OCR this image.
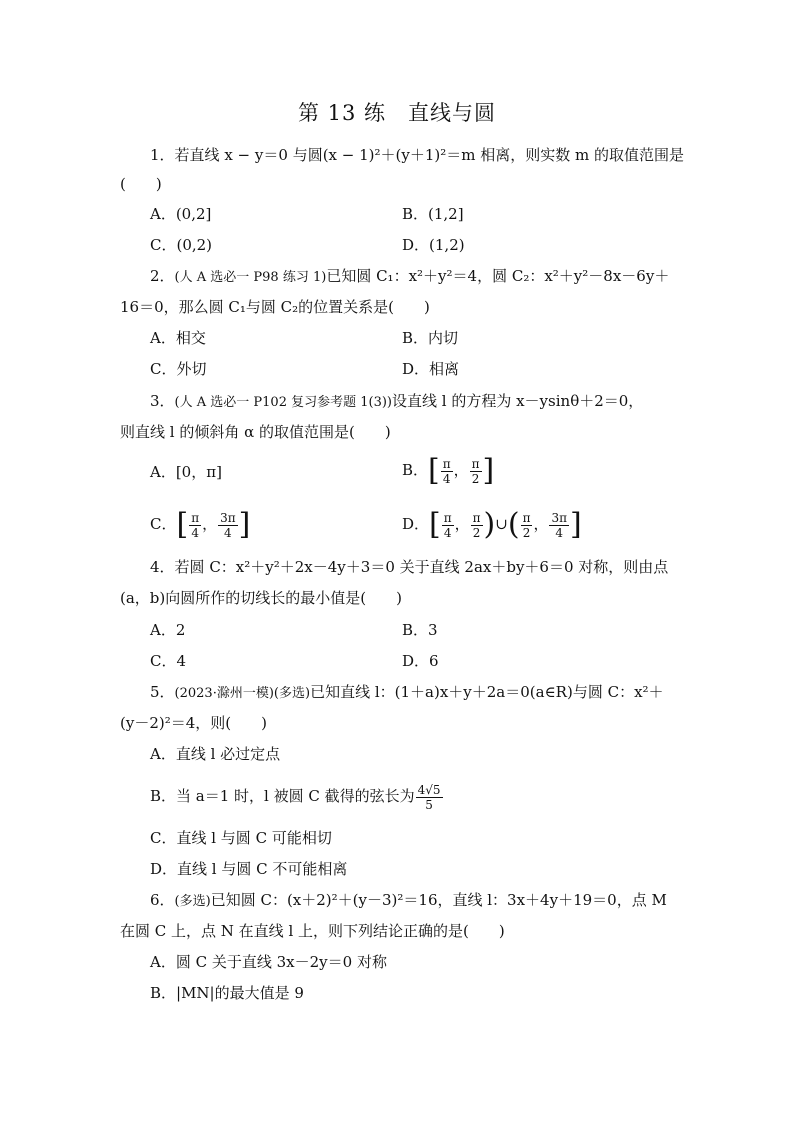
第 13 练　直线与圆
1．若直线 x − y＝0 与圆(x − 1)²＋(y＋1)²＝m 相离，则实数 m 的取值范围是
(　　)
A．(0,2]	B．(1,2]
C．(0,2)	D．(1,2)
2．(人 A 选必一 P98 练习 1)已知圆 C₁：x²＋y²＝4，圆 C₂：x²＋y²－8x－6y＋
16＝0，那么圆 C₁与圆 C₂的位置关系是(　　)
A．相交	B．内切
C．外切	D．相离
3．(人 A 选必一 P102 复习参考题 1(3))设直线 l 的方程为 x－ysinθ＋2＝0，
则直线 l 的倾斜角 α 的取值范围是(　　)
A．[0，π]	B．[ $\frac{\pi}{4}$ ， $\frac{\pi}{2}$ ]
C．[ $\frac{\pi}{4}$ ， $\frac{3\pi}{4}$ ]	D．[ $\frac{\pi}{4}$ ， $\frac{\pi}{2}$ )∪( $\frac{\pi}{2}$ ， $\frac{3\pi}{4}$ ]
4．若圆 C：x²＋y²＋2x－4y＋3＝0 关于直线 2ax＋by＋6＝0 对称，则由点
(a，b)向圆所作的切线长的最小值是(　　)
A．2	B．3
C．4	D．6
5．(2023·滁州一模)(多选)已知直线 l：(1＋a)x＋y＋2a＝0(a∈R)与圆 C：x²＋
(y－2)²＝4，则(　　)
A．直线 l 必过定点
B．当 a＝1 时，l 被圆 C 截得的弦长为 $\frac{4√5}{5}$
C．直线 l 与圆 C 可能相切
D．直线 l 与圆 C 不可能相离
6．(多选)已知圆 C：(x＋2)²＋(y－3)²＝16，直线 l：3x＋4y＋19＝0，点 M
在圆 C 上，点 N 在直线 l 上，则下列结论正确的是(　　)
A．圆 C 关于直线 3x－2y＝0 对称
B．|MN|的最大值是 9
